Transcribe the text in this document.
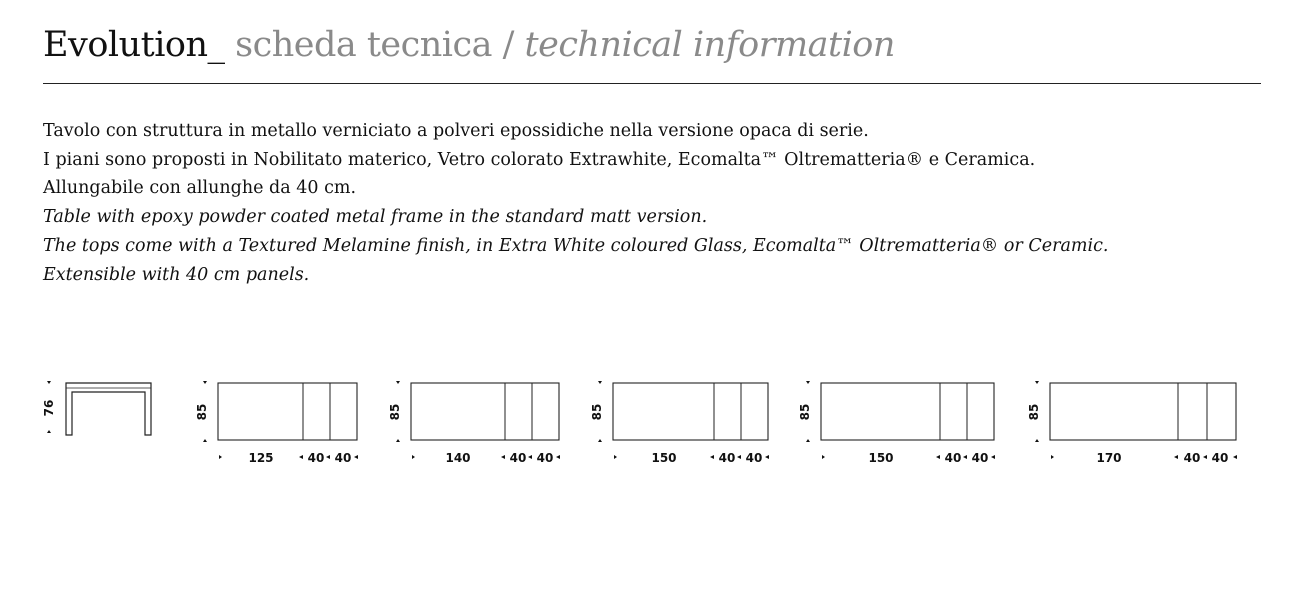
Evolution_ scheda tecnica / technical information

Tavolo con struttura in metallo verniciato a polveri epossidiche nella versione opaca di serie.

I piani sono proposti in Nobilitato materico, Vetro colorato Extrawhite, Ecomalta™ Oltrematteria® e Ceramica.

Allungabile con allunghe da 40 cm.

Table with epoxy powder coated metal frame in the standard matt version.

The tops come with a Textured Melamine finish, in Extra White coloured Glass, Ecomalta™ Oltrematteria® or Ceramic.

Extensible with 40 cm panels.

76	85
125	40 40
85
140	40 40
85
150	40 40
85
150	40 40
85
170	40 40
